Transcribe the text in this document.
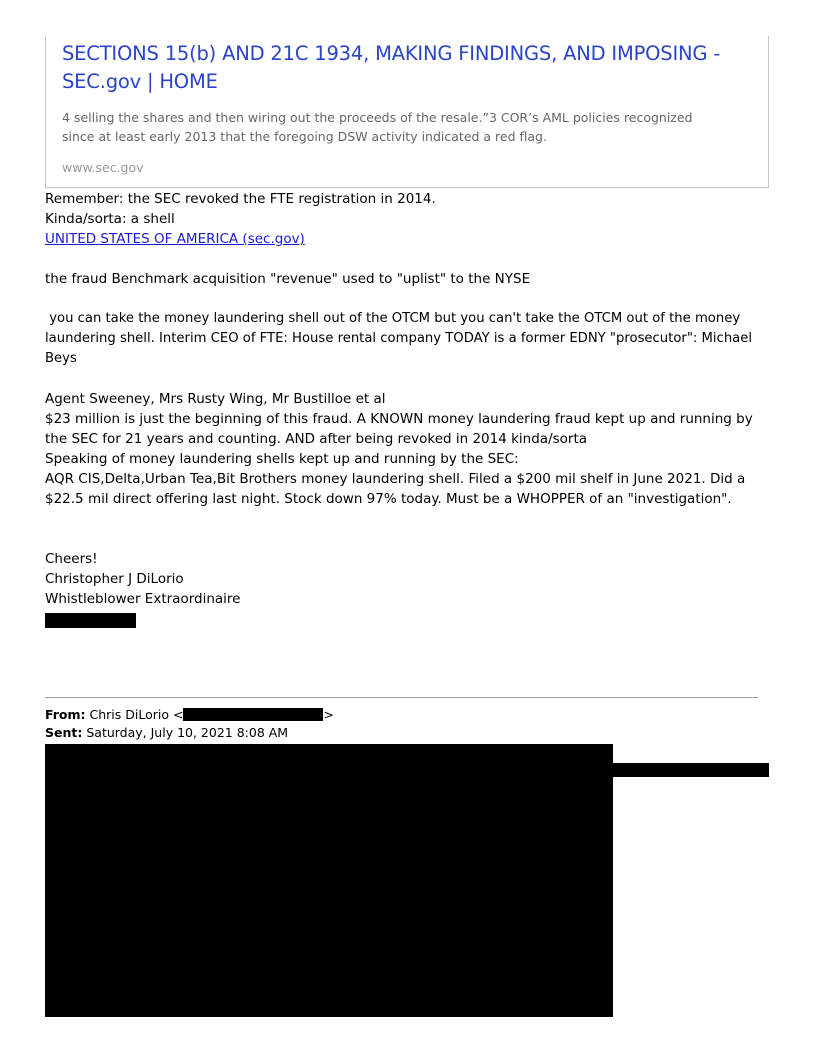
SECTIONS 15(b) AND 21C 1934, MAKING FINDINGS, AND IMPOSING - SEC.gov | HOME
4 selling the shares and then wiring out the proceeds of the resale.”3 COR’s AML policies recognized since at least early 2013 that the foregoing DSW activity indicated a red flag.
www.sec.gov

Remember: the SEC revoked the FTE registration in 2014.

Kinda/sorta: a shell

UNITED STATES OF AMERICA (sec.gov)

the fraud Benchmark acquisition "revenue" used to "uplist" to the NYSE

you can take the money laundering shell out of the OTCM but you can't take the OTCM out of the money laundering shell. Interim CEO of FTE: House rental company TODAY is a former EDNY "prosecutor": Michael Beys

Agent Sweeney, Mrs Rusty Wing, Mr Bustilloe et al

$23 million is just the beginning of this fraud. A KNOWN money laundering fraud kept up and running by the SEC for 21 years and counting. AND after being revoked in 2014 kinda/sorta

Speaking of money laundering shells kept up and running by the SEC:

AQR CIS,Delta,Urban Tea,Bit Brothers money laundering shell. Filed a $200 mil shelf in June 2021. Did a $22.5 mil direct offering last night. Stock down 97% today. Must be a WHOPPER of an "investigation".

Cheers!

Christopher J DiLorio

Whistleblower Extraordinaire

From: Chris DiLorio <	>
Sent: Saturday, July 10, 2021 8:08 AM
